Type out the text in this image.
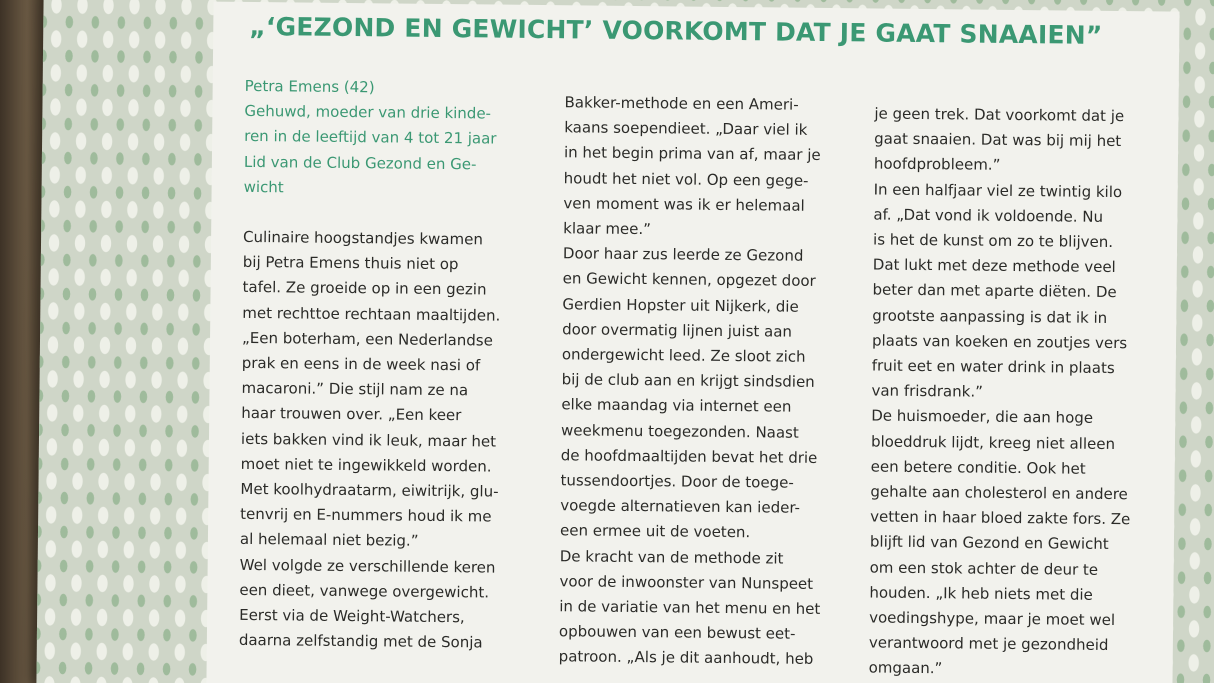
„‘GEZOND EN GEWICHT’ VOORKOMT DAT JE GAAT SNAAIEN”

Petra Emens (42)

Gehuwd, moeder van drie kinde-

ren in de leeftijd van 4 tot 21 jaar

Lid van de Club Gezond en Ge-

wicht

Culinaire hoogstandjes kwamen

bij Petra Emens thuis niet op

tafel. Ze groeide op in een gezin

met rechttoe rechtaan maaltijden.

„Een boterham, een Nederlandse

prak en eens in de week nasi of

macaroni.” Die stijl nam ze na

haar trouwen over. „Een keer

iets bakken vind ik leuk, maar het

moet niet te ingewikkeld worden.

Met koolhydraatarm, eiwitrijk, glu-

tenvrij en E-nummers houd ik me

al helemaal niet bezig.”

Wel volgde ze verschillende keren

een dieet, vanwege overgewicht.

Eerst via de Weight-Watchers,

daarna zelfstandig met de Sonja

Bakker-methode en een Ameri-

kaans soependieet. „Daar viel ik

in het begin prima van af, maar je

houdt het niet vol. Op een gege-

ven moment was ik er helemaal

klaar mee.”

Door haar zus leerde ze Gezond

en Gewicht kennen, opgezet door

Gerdien Hopster uit Nijkerk, die

door overmatig lijnen juist aan

ondergewicht leed. Ze sloot zich

bij de club aan en krijgt sindsdien

elke maandag via internet een

weekmenu toegezonden. Naast

de hoofdmaaltijden bevat het drie

tussendoortjes. Door de toege-

voegde alternatieven kan ieder-

een ermee uit de voeten.

De kracht van de methode zit

voor de inwoonster van Nunspeet

in de variatie van het menu en het

opbouwen van een bewust eet-

patroon. „Als je dit aanhoudt, heb

je geen trek. Dat voorkomt dat je

gaat snaaien. Dat was bij mij het

hoofdprobleem.”

In een halfjaar viel ze twintig kilo

af. „Dat vond ik voldoende. Nu

is het de kunst om zo te blijven.

Dat lukt met deze methode veel

beter dan met aparte diëten. De

grootste aanpassing is dat ik in

plaats van koeken en zoutjes vers

fruit eet en water drink in plaats

van frisdrank.”

De huismoeder, die aan hoge

bloeddruk lijdt, kreeg niet alleen

een betere conditie. Ook het

gehalte aan cholesterol en andere

vetten in haar bloed zakte fors. Ze

blijft lid van Gezond en Gewicht

om een stok achter de deur te

houden. „Ik heb niets met die

voedingshype, maar je moet wel

verantwoord met je gezondheid

omgaan.”
